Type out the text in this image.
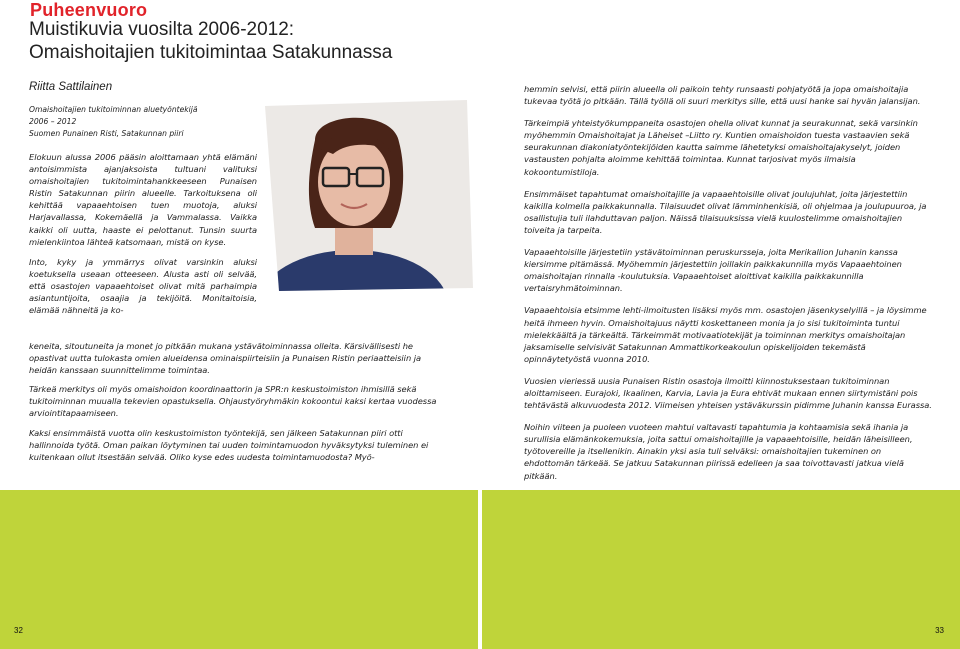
Puheenvuoro
Muistikuvia vuosilta 2006-2012:
Omaishoitajien tukitoimintaa Satakunnassa
Riitta Sattilainen
Omaishoitajien tukitoiminnan aluetyöntekijä
2006 – 2012
Suomen Punainen Risti, Satakunnan piiri

Elokuun alussa 2006 pääsin aloittamaan yhtä elämäni antoisimmista ajanjaksoista tultuani valituksi omaishoitajien tukitoimintahankkeeseen Punaisen Ristin Satakunnan piirin alueelle. Tarkoituksena oli kehittää vapaaehtoisen tuen muotoja, aluksi Harjavallassa, Kokemäellä ja Vammalassa. Vaikka kaikki oli uutta, haaste ei pelottanut. Tunsin suurta mielenkiintoa lähteä katsomaan, mistä on kyse.

Into, kyky ja ymmärrys olivat varsinkin aluksi koetuksella useaan otteeseen. Alusta asti oli selvää, että osastojen vapaaehtoiset olivat mitä parhaimpia asiantuntijoita, osaajia ja tekijöitä. Monitaitoisia, elämää nähneitä ja ko-

keneita, sitoutuneita ja monet jo pitkään mukana ystävätoiminnassa olleita. Kärsivällisesti he opastivat uutta tulokasta omien alueidensa ominaispiirteisiin ja Punaisen Ristin periaatteisiin ja heidän kanssaan suunnittelimme toimintaa.

Tärkeä merkitys oli myös omaishoidon koordinaattorin ja SPR:n keskustoimiston ihmisillä sekä tukitoiminnan muualla tekevien opastuksella. Ohjaustyöryhmäkin kokoontui kaksi kertaa vuodessa arviointitapaamiseen.

Kaksi ensimmäistä vuotta olin keskustoimiston työntekijä, sen jälkeen Satakunnan piiri otti hallinnoida työtä. Oman paikan löytyminen tai uuden toimintamuodon hyväksytyksi tuleminen ei kuitenkaan ollut itsestään selvää. Oliko kyse edes uudesta toimintamuodosta? Myö-

32

hemmin selvisi, että piirin alueella oli paikoin tehty runsaasti pohjatyötä ja jopa omaishoitajia tukevaa työtä jo pitkään. Tällä työllä oli suuri merkitys sille, että uusi hanke sai hyvän jalansijan.

Tärkeimpiä yhteistyökumppaneita osastojen ohella olivat kunnat ja seurakunnat, sekä varsinkin myöhemmin Omaishoitajat ja Läheiset –Liitto ry. Kuntien omaishoidon tuesta vastaavien sekä seurakunnan diakoniatyöntekijöiden kautta saimme lähetetyksi omaishoitajakyselyt, joiden vastausten pohjalta aloimme kehittää toimintaa. Kunnat tarjosivat myös ilmaisia kokoontumistiloja.

Ensimmäiset tapahtumat omaishoitajille ja vapaaehtoisille olivat joulujuhlat, joita järjestettiin kaikilla kolmella paikkakunnalla. Tilaisuudet olivat lämminhenkisiä, oli ohjelmaa ja joulupuuroa, ja osallistujia tuli ilahduttavan paljon. Näissä tilaisuuksissa vielä kuulostelimme omaishoitajien toiveita ja tarpeita.

Vapaaehtoisille järjestetiin ystävätoiminnan peruskursseja, joita Merikallion Juhanin kanssa kiersimme pitämässä. Myöhemmin järjestettiin joillakin paikkakunnilla myös Vapaaehtoinen omaishoitajan rinnalla -koulutuksia. Vapaaehtoiset aloittivat kaikilla paikkakunnilla vertaisryhmätoiminnan.

Vapaaehtoisia etsimme lehti-ilmoitusten lisäksi myös mm. osastojen jäsenkyselyillä – ja löysimme heitä ihmeen hyvin. Omaishoitajuus näytti koskettaneen monia ja jo sisi tukitoiminta tuntui mielekkäältä ja tärkeältä. Tärkeimmät motivaatiotekijät ja toiminnan merkitys omaishoitajan jaksamiselle selvisivät Satakunnan Ammattikorkeakoulun opiskelijoiden tekemästä opinnäytetyöstä vuonna 2010.

Vuosien vieriessä uusia Punaisen Ristin osastoja ilmoitti kiinnostuksestaan tukitoiminnan aloittamiseen. Eurajoki, Ikaalinen, Karvia, Lavia ja Eura ehtivät mukaan ennen siirtymistäni pois tehtävästä alkuvuodesta 2012. Viimeisen yhteisen ystäväkurssin pidimme Juhanin kanssa Eurassa.

Noihin viiteen ja puoleen vuoteen mahtui valtavasti tapahtumia ja kohtaamisia sekä ihania ja surullisia elämänkokemuksia, joita sattui omaishoitajille ja vapaaehtoisille, heidän läheisilleen, työtovereille ja itsellenikin. Ainakin yksi asia tuli selväksi: omaishoitajien tukeminen on ehdottomän tärkeää. Se jatkuu Satakunnan piirissä edelleen ja saa toivottavasti jatkua vielä pitkään.

33
